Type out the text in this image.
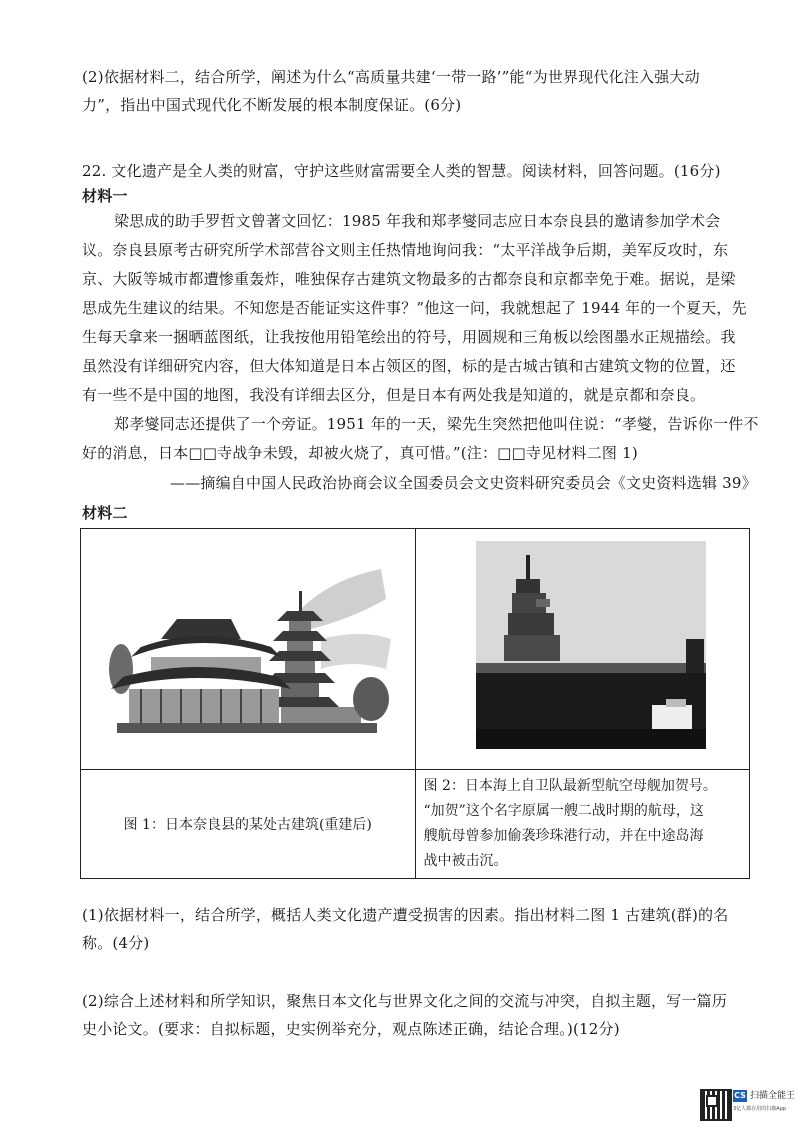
(2)依据材料二，结合所学，阐述为什么“高质量共建‘一带一路’”能“为世界现代化注入强大动
力”，指出中国式现代化不断发展的根本制度保证。(6分)
22. 文化遗产是全人类的财富，守护这些财富需要全人类的智慧。阅读材料，回答问题。(16分)
材料一
梁思成的助手罗哲文曾著文回忆：1985 年我和郑孝燮同志应日本奈良县的邀请参加学术会
议。奈良县原考古研究所学术部营谷文则主任热情地询问我：“太平洋战争后期，美军反攻时，东
京、大阪等城市都遭惨重轰炸，唯独保存古建筑文物最多的古都奈良和京都幸免于难。据说，是梁
思成先生建议的结果。不知您是否能证实这件事？”他这一问，我就想起了 1944 年的一个夏天，先
生每天拿来一捆晒蓝图纸，让我按他用铅笔绘出的符号，用圆规和三角板以绘图墨水正规描绘。我
虽然没有详细研究内容，但大体知道是日本占领区的图，标的是古城古镇和古建筑文物的位置，还
有一些不是中国的地图，我没有详细去区分，但是日本有两处我是知道的，就是京都和奈良。
郑孝燮同志还提供了一个旁证。1951 年的一天，梁先生突然把他叫住说：“孝燮，告诉你一件不
好的消息，日本□□寺战争未毁，却被火烧了，真可惜。”(注：□□寺见材料二图 1)
——摘编自中国人民政治协商会议全国委员会文史资料研究委员会《文史资料选辑 39》
材料二

图 1：日本奈良县的某处古建筑(重建后)	图 2：日本海上自卫队最新型航空母舰加贺号。
“加贺”这个名字原属一艘二战时期的航母，这
艘航母曾参加偷袭珍珠港行动，并在中途岛海
战中被击沉。
(1)依据材料一，结合所学，概括人类文化遗产遭受损害的因素。指出材料二图 1 古建筑(群)的名
称。(4分)
(2)综合上述材料和所学知识，聚焦日本文化与世界文化之间的交流与冲突，自拟主题，写一篇历
史小论文。(要求：自拟标题，史实例举充分，观点陈述正确，结论合理。)(12分)
CS 扫描全能王
3亿人都在用的扫描App
